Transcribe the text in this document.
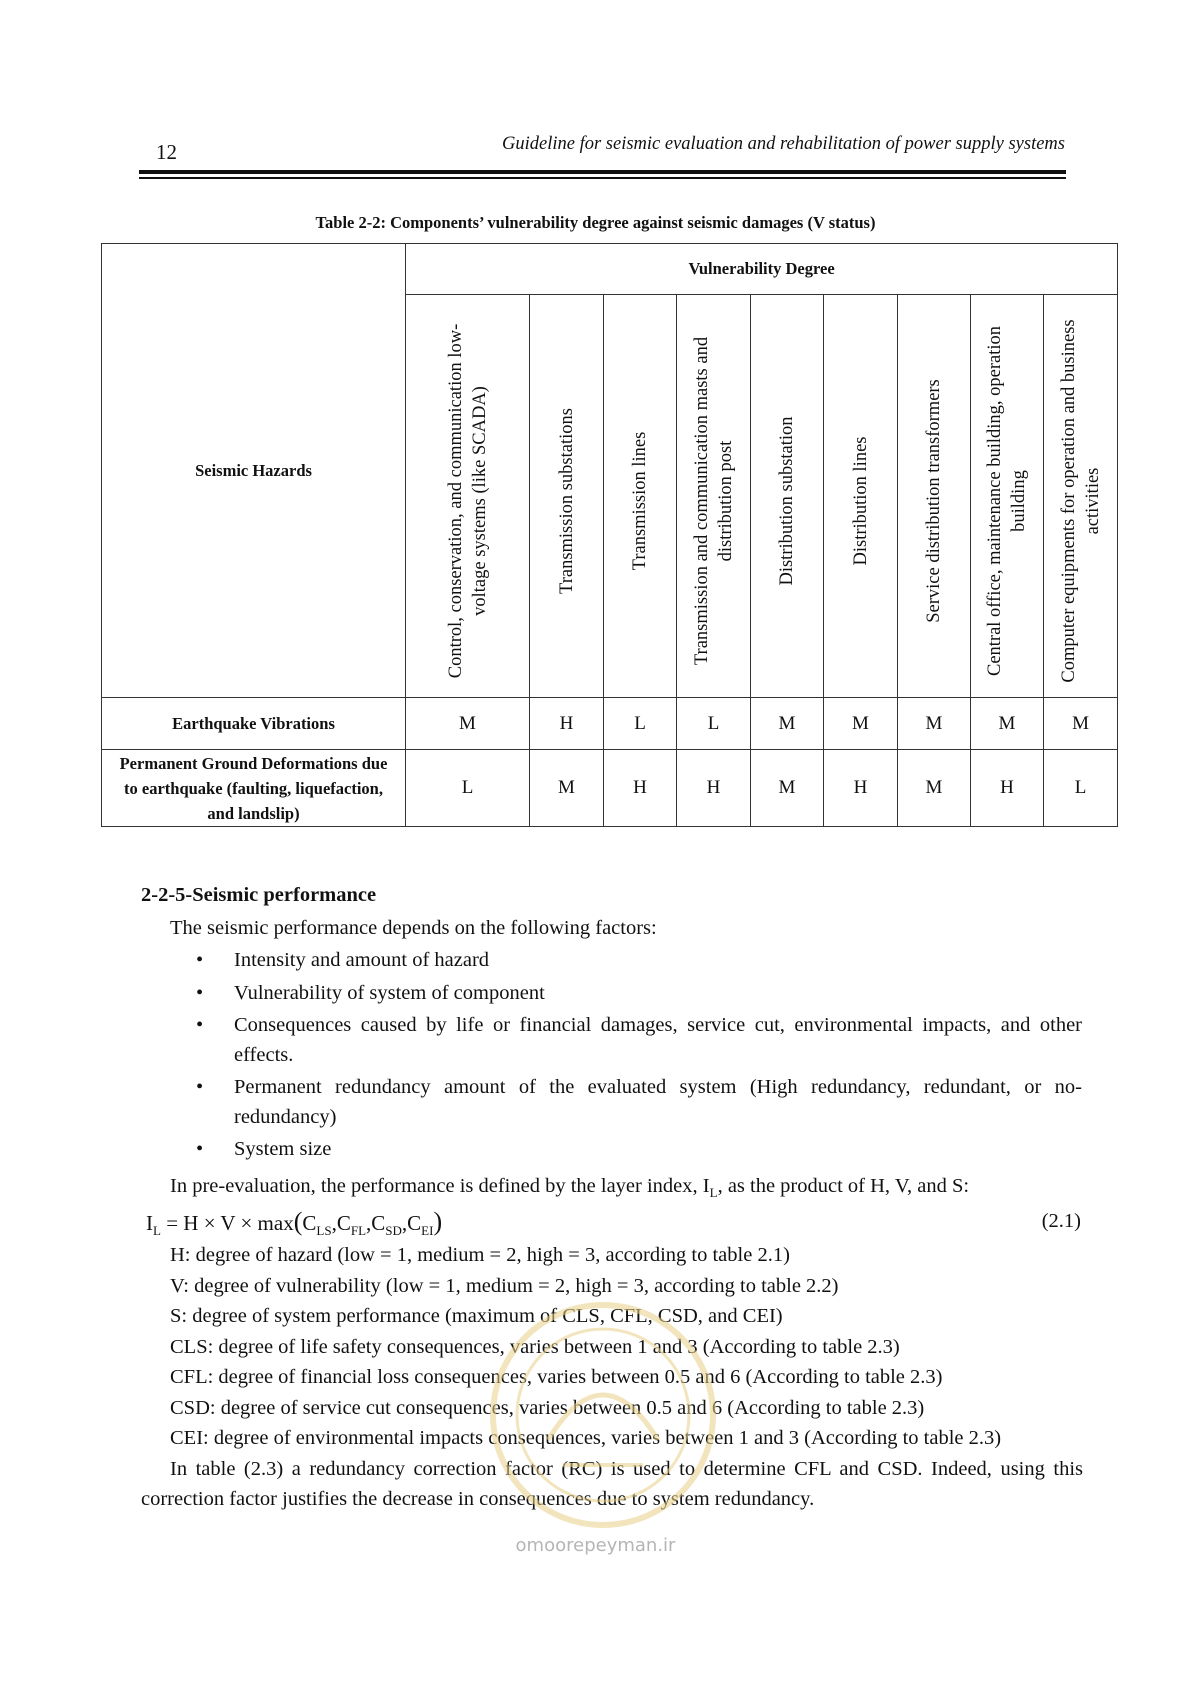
12	Guideline for seismic evaluation and rehabilitation of power supply systems
Table 2-2: Components’ vulnerability degree against seismic damages (V status)
Seismic Hazards	Vulnerability Degree								

	Control, conservation, and communication low-voltage systems (like SCADA)	Transmission substations	Transmission lines	Transmission and communication masts and distribution post	Distribution substation	Distribution lines	Service distribution transformers	Central office, maintenance building, operation building	Computer equipments for operation and business activities

Earthquake Vibrations	M	H	L	L	M	M	M	M	M
Permanent Ground Deformations due to earthquake (faulting, liquefaction, and landslip)	L	M	H	H	M	H	M	H	L
2-2-5-Seismic performance
The seismic performance depends on the following factors:
• Intensity and amount of hazard
• Vulnerability of system of component
• Consequences caused by life or financial damages, service cut, environmental impacts, and other effects.
• Permanent redundancy amount of the evaluated system (High redundancy, redundant, or no-redundancy)
• System size
In pre-evaluation, the performance is defined by the layer index, $I_L$, as the product of H, V, and S:
$I_L = H \times V \times \max(C_{LS},C_{FL},C_{SD},C_{EI})$	(2.1)
H: degree of hazard (low = 1, medium = 2, high = 3, according to table 2.1)
V: degree of vulnerability (low = 1, medium = 2, high = 3, according to table 2.2)
S: degree of system performance (maximum of CLS, CFL, CSD, and CEI)
CLS: degree of life safety consequences, varies between 1 and 3 (According to table 2.3)
CFL: degree of financial loss consequences, varies between 0.5 and 6 (According to table 2.3)
CSD: degree of service cut consequences, varies between 0.5 and 6 (According to table 2.3)
CEI: degree of environmental impacts consequences, varies between 1 and 3 (According to table 2.3)
In table (2.3) a redundancy correction factor (RC) is used to determine CFL and CSD. Indeed, using this correction factor justifies the decrease in consequences due to system redundancy.
omoorepeyman.ir
